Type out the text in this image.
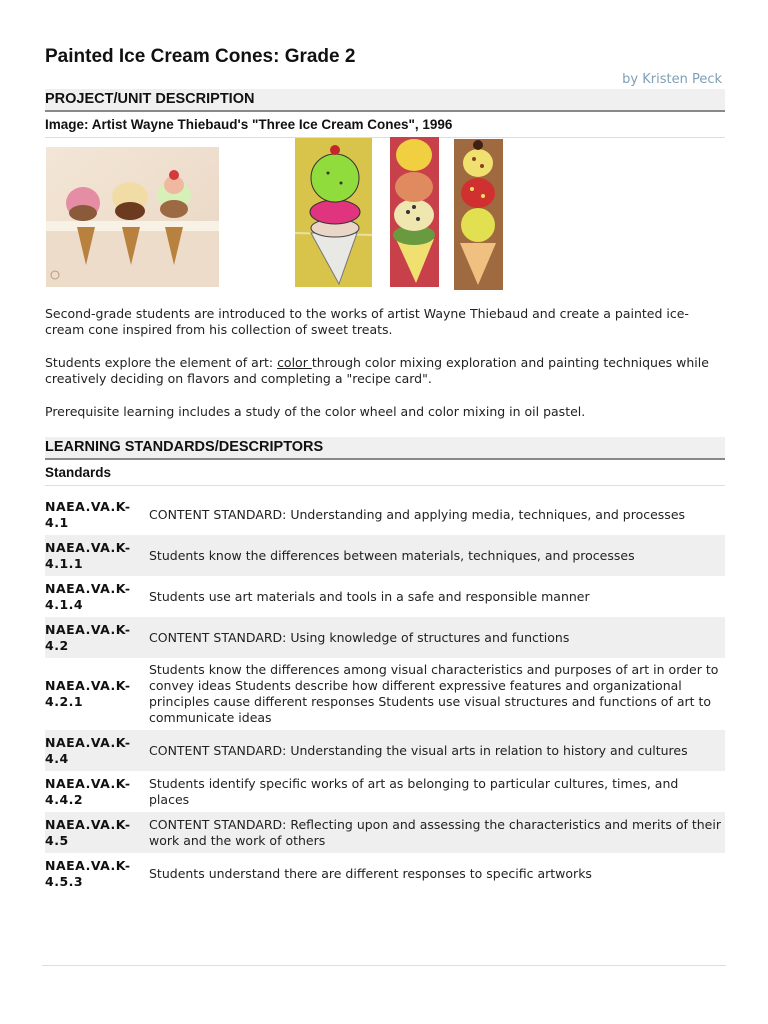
Painted Ice Cream Cones: Grade 2
by Kristen Peck
PROJECT/UNIT DESCRIPTION
Image: Artist Wayne Thiebaud's "Three Ice Cream Cones", 1996
Second-grade students are introduced to the works of artist Wayne Thiebaud and create a painted ice-cream cone inspired from his collection of sweet treats.
Students explore the element of art: color through color mixing exploration and painting techniques while creatively deciding on flavors and completing a "recipe card".
Prerequisite learning includes a study of the color wheel and color mixing in oil pastel.
LEARNING STANDARDS/DESCRIPTORS
Standards
NAEA.VA.K-
4.1	CONTENT STANDARD: Understanding and applying media, techniques, and processes

NAEA.VA.K-
4.1.1	Students know the differences between materials, techniques, and processes

NAEA.VA.K-
4.1.4	Students use art materials and tools in a safe and responsible manner

NAEA.VA.K-
4.2	CONTENT STANDARD: Using knowledge of structures and functions

NAEA.VA.K-
4.2.1	Students know the differences among visual characteristics and purposes of art in order to convey ideas Students describe how different expressive features and organizational principles cause different responses Students use visual structures and functions of art to communicate ideas

NAEA.VA.K-
4.4	CONTENT STANDARD: Understanding the visual arts in relation to history and cultures

NAEA.VA.K-
4.4.2	Students identify specific works of art as belonging to particular cultures, times, and places

NAEA.VA.K-
4.5	CONTENT STANDARD: Reflecting upon and assessing the characteristics and merits of their work and the work of others

NAEA.VA.K-
4.5.3	Students understand there are different responses to specific artworks
